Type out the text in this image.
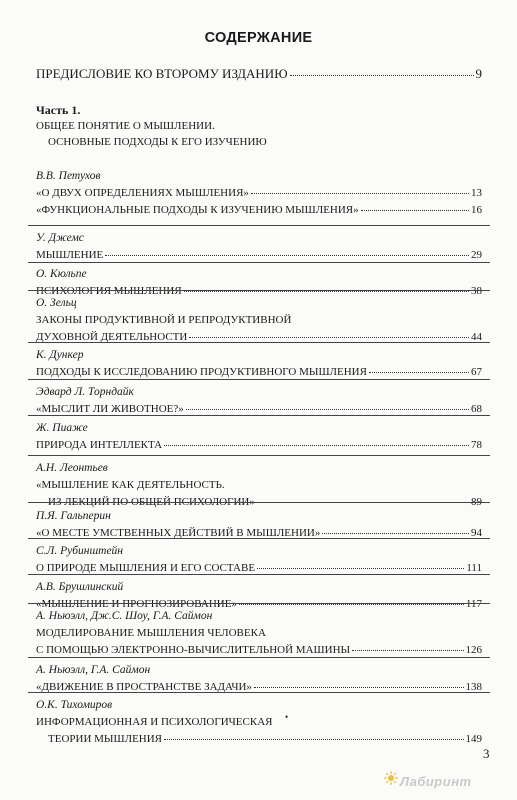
СОДЕРЖАНИЕ
ПРЕДИСЛОВИЕ КО ВТОРОМУ ИЗДАНИЮ	9
Часть 1.
ОБЩЕЕ ПОНЯТИЕ О МЫШЛЕНИИ.
ОСНОВНЫЕ ПОДХОДЫ К ЕГО ИЗУЧЕНИЮ
В.В. Петухов
«О ДВУХ ОПРЕДЕЛЕНИЯХ МЫШЛЕНИЯ»	13
«ФУНКЦИОНАЛЬНЫЕ ПОДХОДЫ К ИЗУЧЕНИЮ МЫШЛЕНИЯ»	16
У. Джемс
МЫШЛЕНИЕ	29
О. Кюльпе
ПСИХОЛОГИЯ МЫШЛЕНИЯ	38
О. Зельц
ЗАКОНЫ ПРОДУКТИВНОЙ И РЕПРОДУКТИВНОЙ
ДУХОВНОЙ ДЕЯТЕЛЬНОСТИ	44
К. Дункер
ПОДХОДЫ К ИССЛЕДОВАНИЮ ПРОДУКТИВНОГО МЫШЛЕНИЯ	67
Эдвард Л. Торндайк
«МЫСЛИТ ЛИ ЖИВОТНОЕ?»	68
Ж. Пиаже
ПРИРОДА ИНТЕЛЛЕКТА	78
А.Н. Леонтьев
«МЫШЛЕНИЕ КАК ДЕЯТЕЛЬНОСТЬ.
ИЗ ЛЕКЦИЙ ПО ОБЩЕЙ ПСИХОЛОГИИ»	89
П.Я. Гальперин
«О МЕСТЕ УМСТВЕННЫХ ДЕЙСТВИЙ В МЫШЛЕНИИ»	94
С.Л. Рубинштейн
О ПРИРОДЕ МЫШЛЕНИЯ И ЕГО СОСТАВЕ	111
А.В. Брушлинский
«МЫШЛЕНИЕ И ПРОГНОЗИРОВАНИЕ»	117
А. Ньюэлл, Дж.С. Шоу, Г.А. Саймон
МОДЕЛИРОВАНИЕ МЫШЛЕНИЯ ЧЕЛОВЕКА
С ПОМОЩЬЮ ЭЛЕКТРОННО-ВЫЧИСЛИТЕЛЬНОЙ МАШИНЫ	126
А. Ньюэлл, Г.А. Саймон
«ДВИЖЕНИЕ В ПРОСТРАНСТВЕ ЗАДАЧИ»	138
О.К. Тихомиров
ИНФОРМАЦИОННАЯ И ПСИХОЛОГИЧЕСКАЯ
ТЕОРИИ МЫШЛЕНИЯ	149
•
3
Лабиринт
